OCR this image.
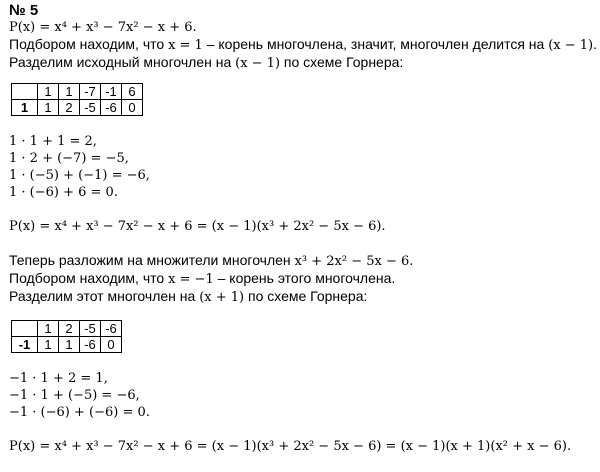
№ 5
P(x) = x⁴ + x³ − 7x² − x + 6.
Подбором находим, что x = 1 – корень многочлена, значит, многочлен делится на (x − 1).
Разделим исходный многочлен на (x − 1) по схеме Горнера:
	1	1	-7	-1	6
1	1	2	-5	-6	0
1 · 1 + 1 = 2,
1 · 2 + (−7) = −5,
1 · (−5) + (−1) = −6,
1 · (−6) + 6 = 0.
P(x) = x⁴ + x³ − 7x² − x + 6 = (x − 1)(x³ + 2x² − 5x − 6).
Теперь разложим на множители многочлен x³ + 2x² − 5x − 6.
Подбором находим, что x = −1 – корень этого многочлена.
Разделим этот многочлен на (x + 1) по схеме Горнера:
	1	2	-5	-6
-1	1	1	-6	0
−1 · 1 + 2 = 1,
−1 · 1 + (−5) = −6,
−1 · (−6) + (−6) = 0.
P(x) = x⁴ + x³ − 7x² − x + 6 = (x − 1)(x³ + 2x² − 5x − 6) = (x − 1)(x + 1)(x² + x − 6).
